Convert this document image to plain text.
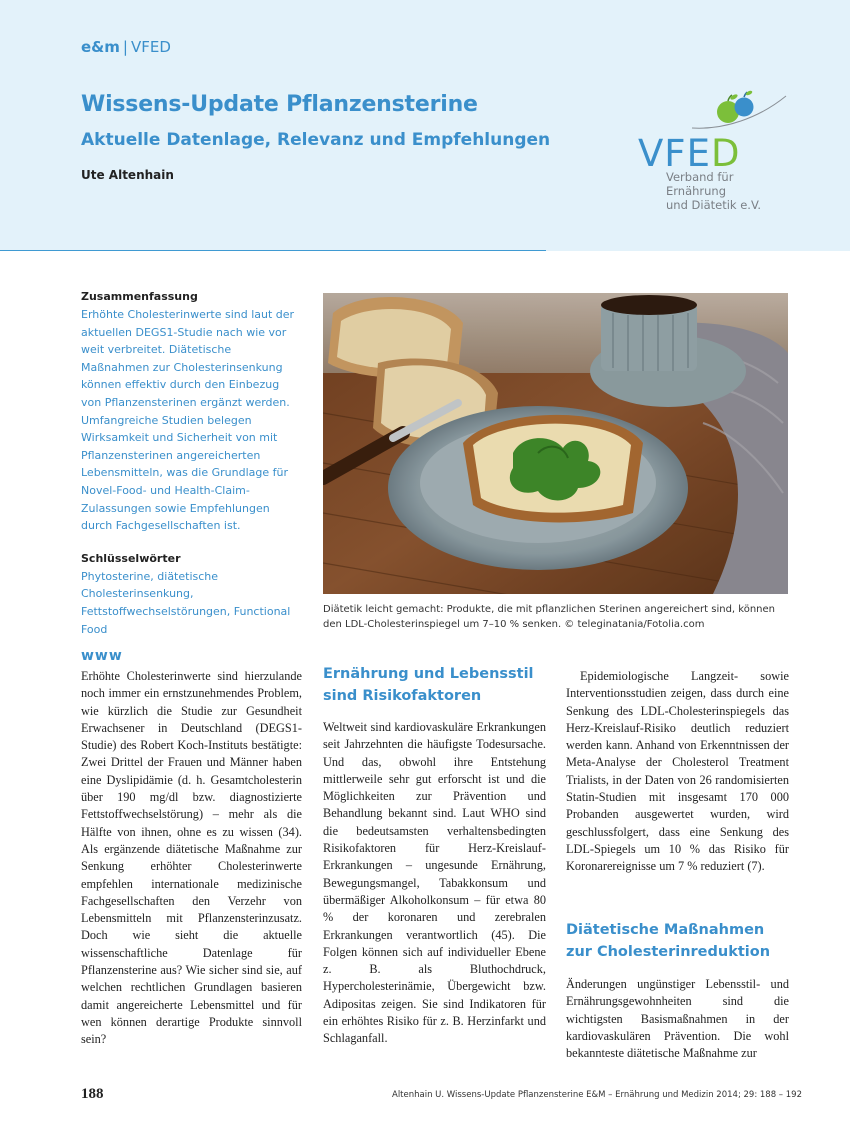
e&m | VFED
Wissens-Update Pflanzensterine
Aktuelle Datenlage, Relevanz und Empfehlungen
Ute Altenhain	VFED
Verband für Ernährung
und Diätetik e.V.
Zusammenfassung

Erhöhte Cholesterinwerte sind laut der aktuellen DEGS1-Studie nach wie vor weit verbreitet. Diätetische Maßnahmen zur Cholesterinsenkung können effektiv durch den Einbezug von Pflanzensterinen ergänzt werden. Umfangreiche Studien belegen Wirksamkeit und Sicherheit von mit Pflanzensterinen angereicherten Lebensmitteln, was die Grundlage für Novel-Food- und Health-Claim-Zulassungen sowie Empfehlungen durch Fachgesellschaften ist.

Schlüsselwörter

Phytosterine, diätetische Cholesterinsenkung, Fettstoffwechselstörungen, Functional Food

Diätetik leicht gemacht: Produkte, die mit pflanzlichen Sterinen angereichert sind, können den LDL-Cholesterinspiegel um 7–10 % senken. © teleginatania/Fotolia.com

www

Erhöhte Cholesterinwerte sind hierzulande noch immer ein ernstzunehmendes Problem, wie kürzlich die Studie zur Gesundheit Erwachsener in Deutschland (DEGS1-Studie) des Robert Koch-Instituts bestätigte: Zwei Drittel der Frauen und Männer haben eine Dyslipidämie (d. h. Gesamtcholesterin über 190 mg/dl bzw. diagnostizierte Fettstoffwechselstörung) – mehr als die Hälfte von ihnen, ohne es zu wissen (34). Als ergänzende diätetische Maßnahme zur Senkung erhöhter Cholesterinwerte empfehlen internationale medizinische Fachgesellschaften den Verzehr von Lebensmitteln mit Pflanzensterinzusatz. Doch wie sieht die aktuelle wissenschaftliche Datenlage für Pflanzensterine aus? Wie sicher sind sie, auf welchen rechtlichen Grundlagen basieren damit angereicherte Lebensmittel und für wen können derartige Produkte sinnvoll sein?

Ernährung und Lebensstil sind Risikofaktoren

Weltweit sind kardiovaskuläre Erkrankungen seit Jahrzehnten die häufigste Todesursache. Und das, obwohl ihre Entstehung mittlerweile sehr gut erforscht ist und die Möglichkeiten zur Prävention und Behandlung bekannt sind. Laut WHO sind die bedeutsamsten verhaltensbedingten Risikofaktoren für Herz-Kreislauf-Erkrankungen – ungesunde Ernährung, Bewegungsmangel, Tabakkonsum und übermäßiger Alkoholkonsum – für etwa 80 % der koronaren und zerebralen Erkrankungen verantwortlich (45). Die Folgen können sich auf individueller Ebene z. B. als Bluthochdruck, Hypercholesterinämie, Übergewicht bzw. Adipositas zeigen. Sie sind Indikatoren für ein erhöhtes Risiko für z. B. Herzinfarkt und Schlaganfall.

Epidemiologische Langzeit- sowie Interventionsstudien zeigen, dass durch eine Senkung des LDL-Cholesterinspiegels das Herz-Kreislauf-Risiko deutlich reduziert werden kann. Anhand von Erkenntnissen der Meta-Analyse der Cholesterol Treatment Trialists, in der Daten von 26 randomisierten Statin-Studien mit insgesamt 170 000 Probanden ausgewertet wurden, wird geschlussfolgert, dass eine Senkung des LDL-Spiegels um 10 % das Risiko für Koronarereignisse um 7 % reduziert (7).

Diätetische Maßnahmen zur Cholesterinreduktion

Änderungen ungünstiger Lebensstil- und Ernährungsgewohnheiten sind die wichtigsten Basismaßnahmen in der kardiovaskulären Prävention. Die wohl bekannteste diätetische Maßnahme zur

188	Altenhain U. Wissens-Update Pflanzensterine E&M – Ernährung und Medizin 2014; 29: 188 – 192
